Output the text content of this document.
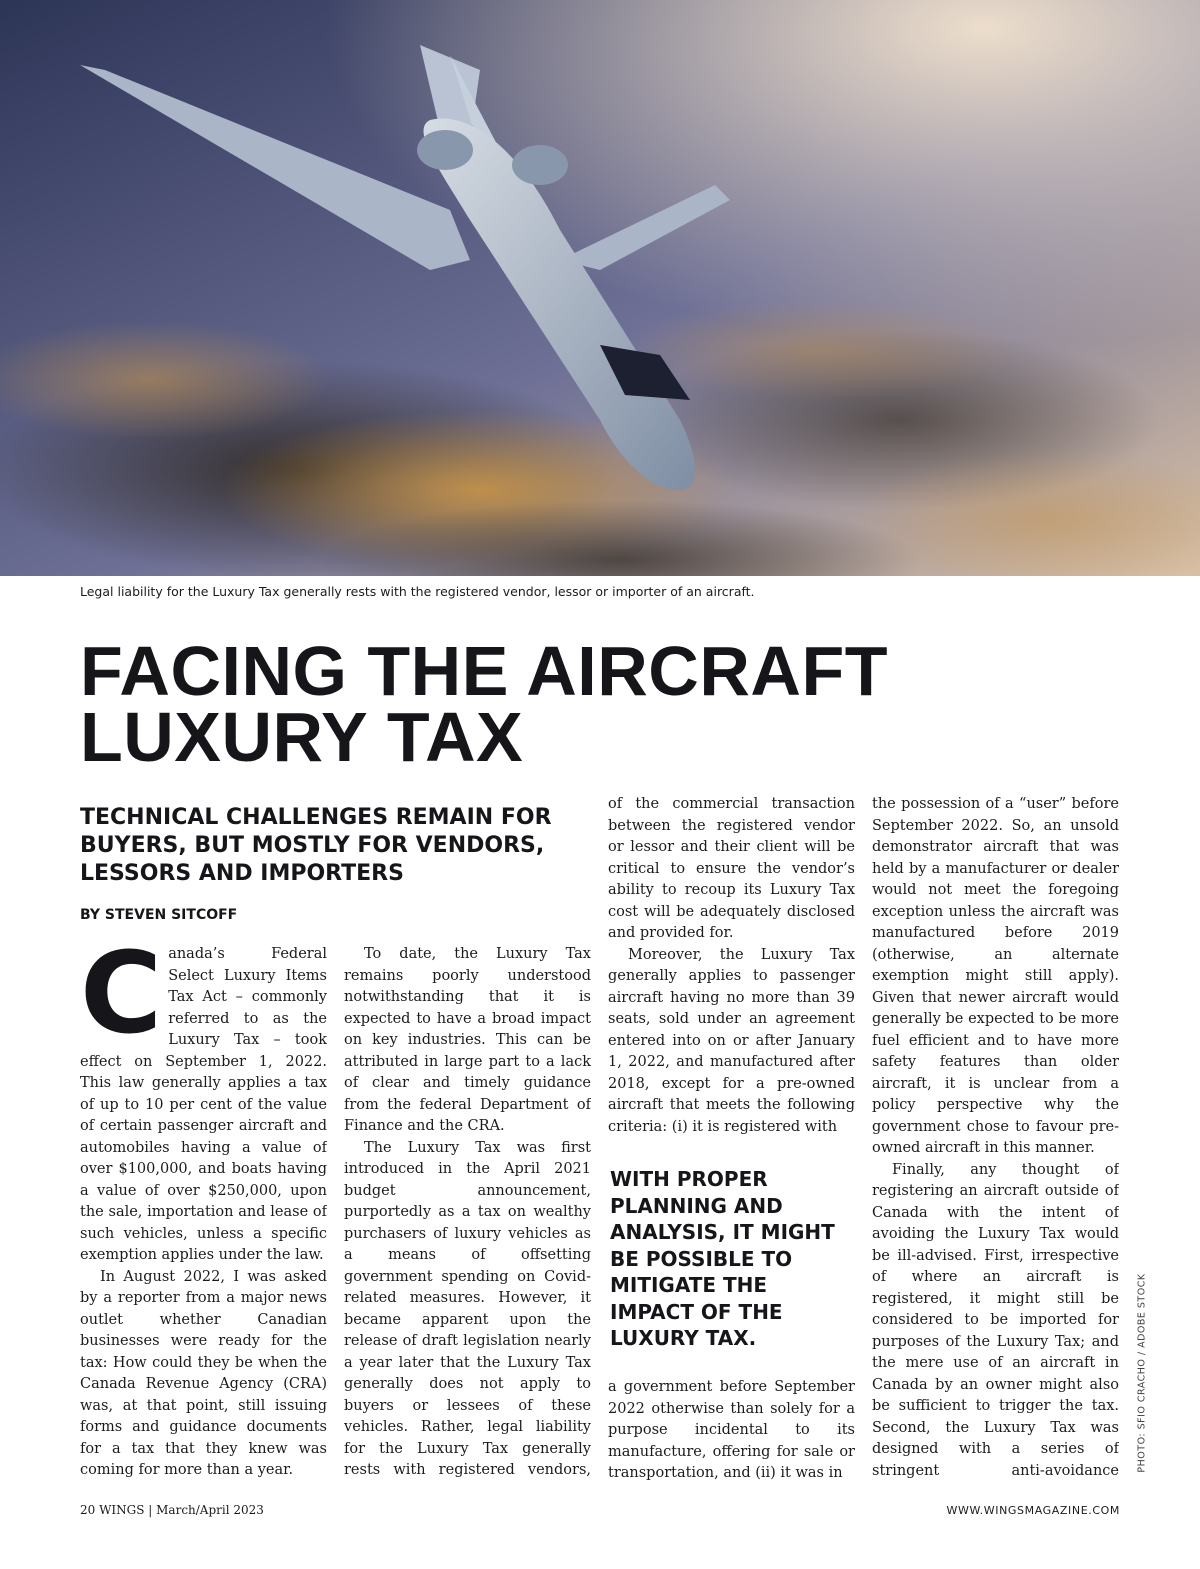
Legal liability for the Luxury Tax generally rests with the registered vendor, lessor or importer of an aircraft.
FACING THE AIRCRAFT
LUXURY TAX
TECHNICAL CHALLENGES REMAIN FOR BUYERS, BUT MOSTLY FOR VENDORS, LESSORS AND IMPORTERS
BY STEVEN SITCOFF
C anada’s Federal Select Luxury Items Tax Act – commonly referred to as the Luxury Tax – took effect on September 1, 2022. This law generally applies a tax of up to 10 per cent of the value of certain passenger aircraft and automobiles having a value of over $100,000, and boats having a value of over $250,000, upon the sale, importation and lease of such vehicles, unless a specific exemption applies under the law.

In August 2022, I was asked by a reporter from a major news outlet whether Canadian businesses were ready for the tax: How could they be when the Canada Revenue Agency (CRA) was, at that point, still issuing forms and guidance documents for a tax that they knew was coming for more than a year.

To date, the Luxury Tax remains poorly understood notwithstanding that it is expected to have a broad impact on key industries. This can be attributed in large part to a lack of clear and timely guidance from the federal Department of Finance and the CRA.

The Luxury Tax was first introduced in the April 2021 budget announcement, purportedly as a tax on wealthy purchasers of luxury vehicles as a means of offsetting government spending on Covid-related measures. However, it became apparent upon the release of draft legislation nearly a year later that the Luxury Tax generally does not apply to buyers or lessees of these vehicles. Rather, legal liability for the Luxury Tax generally rests with registered vendors,

of the commercial transaction between the registered vendor or lessor and their client will be critical to ensure the vendor’s ability to recoup its Luxury Tax cost will be adequately disclosed and provided for.

Moreover, the Luxury Tax generally applies to passenger aircraft having no more than 39 seats, sold under an agreement entered into on or after January 1, 2022, and manufactured after 2018, except for a pre-owned aircraft that meets the following criteria: (i) it is registered with

WITH PROPER PLANNING AND ANALYSIS, IT MIGHT BE POSSIBLE TO MITIGATE THE IMPACT OF THE LUXURY TAX.

a government before September 2022 otherwise than solely for a purpose incidental to its manufacture, offering for sale or transportation, and (ii) it was in

the possession of a “user” before September 2022. So, an unsold demonstrator aircraft that was held by a manufacturer or dealer would not meet the foregoing exception unless the aircraft was manufactured before 2019 (otherwise, an alternate exemption might still apply). Given that newer aircraft would generally be expected to be more fuel efficient and to have more safety features than older aircraft, it is unclear from a policy perspective why the government chose to favour pre-owned aircraft in this manner.

Finally, any thought of registering an aircraft outside of Canada with the intent of avoiding the Luxury Tax would be ill-advised. First, irrespective of where an aircraft is registered, it might still be considered to be imported for purposes of the Luxury Tax; and the mere use of an aircraft in Canada by an owner might also be sufficient to trigger the tax. Second, the Luxury Tax was designed with a series of stringent anti-avoidance PHOTO: SFIO CRACHO / ADOBE STOCK
20 WINGS | March/April 2023	WWW.WINGSMAGAZINE.COM
